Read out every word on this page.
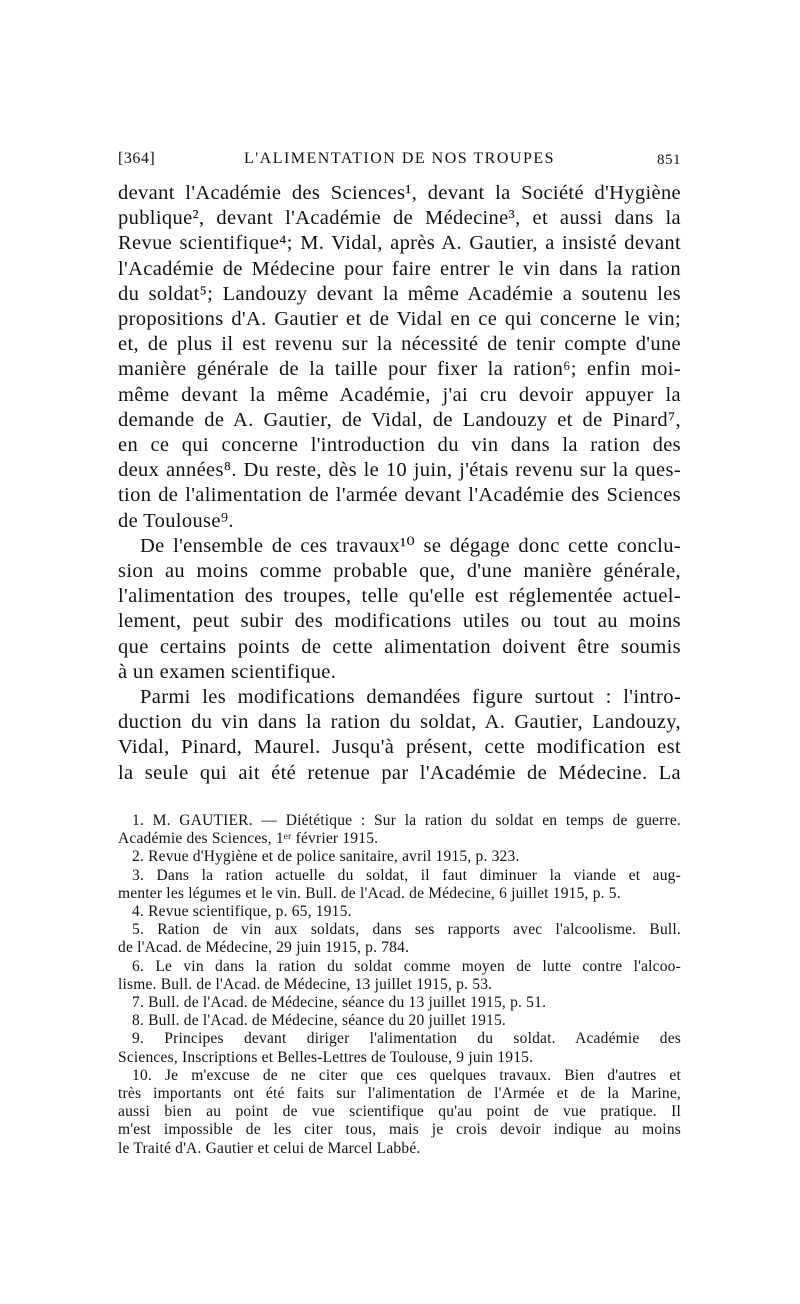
[364]	L'ALIMENTATION DE NOS TROUPES	851

devant l'Académie des Sciences¹, devant la Société d'Hygiène
publique², devant l'Académie de Médecine³, et aussi dans la
Revue scientifique⁴; M. Vidal, après A. Gautier, a insisté devant
l'Académie de Médecine pour faire entrer le vin dans la ration
du soldat⁵; Landouzy devant la même Académie a soutenu les
propositions d'A. Gautier et de Vidal en ce qui concerne le vin;
et, de plus il est revenu sur la nécessité de tenir compte d'une
manière générale de la taille pour fixer la ration⁶; enfin moi-
même devant la même Académie, j'ai cru devoir appuyer la
demande de A. Gautier, de Vidal, de Landouzy et de Pinard⁷,
en ce qui concerne l'introduction du vin dans la ration des
deux années⁸. Du reste, dès le 10 juin, j'étais revenu sur la ques-
tion de l'alimentation de l'armée devant l'Académie des Sciences
de Toulouse⁹.

De l'ensemble de ces travaux¹⁰ se dégage donc cette conclu-
sion au moins comme probable que, d'une manière générale,
l'alimentation des troupes, telle qu'elle est réglementée actuel-
lement, peut subir des modifications utiles ou tout au moins
que certains points de cette alimentation doivent être soumis
à un examen scientifique.

Parmi les modifications demandées figure surtout : l'intro-
duction du vin dans la ration du soldat, A. Gautier, Landouzy,
Vidal, Pinard, Maurel. Jusqu'à présent, cette modification est
la seule qui ait été retenue par l'Académie de Médecine. La

1. M. GAUTIER. — Diététique : Sur la ration du soldat en temps de guerre.
Académie des Sciences, 1ᵉʳ février 1915.
2. Revue d'Hygiène et de police sanitaire, avril 1915, p. 323.
3. Dans la ration actuelle du soldat, il faut diminuer la viande et aug-
menter les légumes et le vin. Bull. de l'Acad. de Médecine, 6 juillet 1915, p. 5.
4. Revue scientifique, p. 65, 1915.
5. Ration de vin aux soldats, dans ses rapports avec l'alcoolisme. Bull.
de l'Acad. de Médecine, 29 juin 1915, p. 784.
6. Le vin dans la ration du soldat comme moyen de lutte contre l'alcoo-
lisme. Bull. de l'Acad. de Médecine, 13 juillet 1915, p. 53.
7. Bull. de l'Acad. de Médecine, séance du 13 juillet 1915, p. 51.
8. Bull. de l'Acad. de Médecine, séance du 20 juillet 1915.
9. Principes devant diriger l'alimentation du soldat. Académie des
Sciences, Inscriptions et Belles-Lettres de Toulouse, 9 juin 1915.
10. Je m'excuse de ne citer que ces quelques travaux. Bien d'autres et
très importants ont été faits sur l'alimentation de l'Armée et de la Marine,
aussi bien au point de vue scientifique qu'au point de vue pratique. Il
m'est impossible de les citer tous, mais je crois devoir indique au moins
le Traité d'A. Gautier et celui de Marcel Labbé.
